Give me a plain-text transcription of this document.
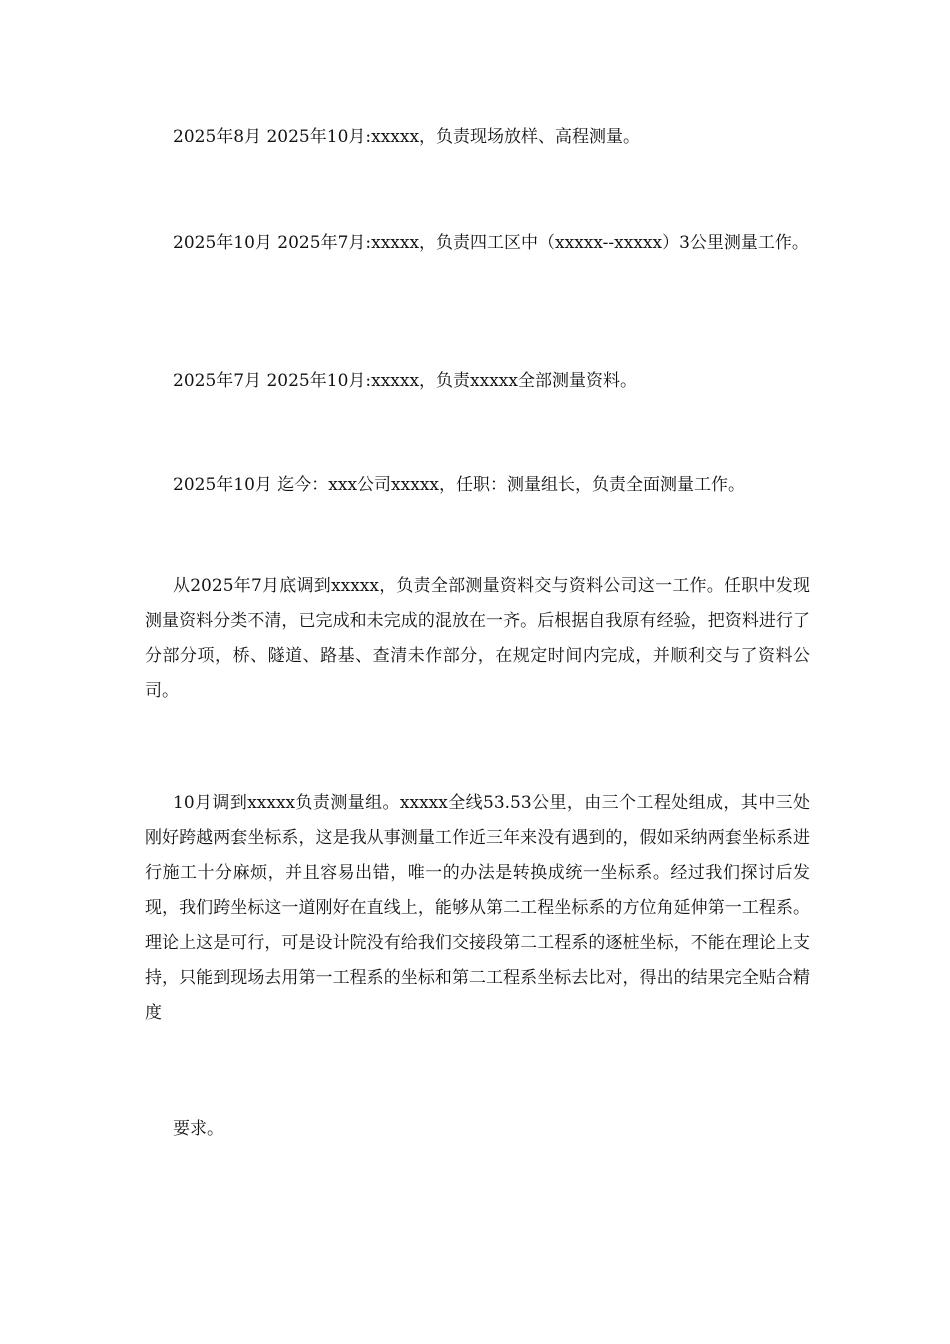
2025年8月 2025年10月:xxxxx，负责现场放样、高程测量。

2025年10月 2025年7月:xxxxx，负责四工区中（xxxxx--xxxxx）3公里测量工作。

2025年7月 2025年10月:xxxxx，负责xxxxx全部测量资料。

2025年10月 迄今：xxx公司xxxxx，任职：测量组长，负责全面测量工作。

从2025年7月底调到xxxxx，负责全部测量资料交与资料公司这一工作。任职中发现测量资料分类不清，已完成和未完成的混放在一齐。后根据自我原有经验，把资料进行了分部分项，桥、隧道、路基、查清未作部分，在规定时间内完成，并顺利交与了资料公司。

10月调到xxxxx负责测量组。xxxxx全线53.53公里，由三个工程处组成，其中三处刚好跨越两套坐标系，这是我从事测量工作近三年来没有遇到的，假如采纳两套坐标系进行施工十分麻烦，并且容易出错，唯一的办法是转换成统一坐标系。经过我们探讨后发现，我们跨坐标这一道刚好在直线上，能够从第二工程坐标系的方位角延伸第一工程系。理论上这是可行，可是设计院没有给我们交接段第二工程系的逐桩坐标，不能在理论上支持，只能到现场去用第一工程系的坐标和第二工程系坐标去比对，得出的结果完全贴合精度

要求。
